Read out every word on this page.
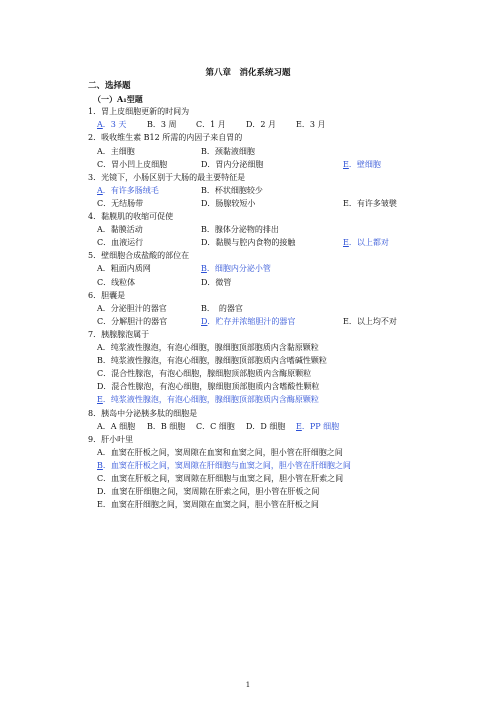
第八章　消化系统习题
二、选择题
（一）A₁型题
1．胃上皮细胞更新的时间为
A．3 天	B．3 周 C．1 月	D．2 月 E．3 月
2．吸收维生素 B12 所需的内因子来自胃的
A．主细胞	B．颈黏液细胞
C．胃小凹上皮细胞	D．胃内分泌细胞	E．壁细胞
3．光镜下，小肠区别于大肠的最主要特征是
A．有许多肠绒毛	B．杯状细胞较少
C．无结肠带	D．肠腺较短小	E．有许多皱襞
4．黏膜肌的收缩可促使
A．黏膜活动	B．腺体分泌物的排出
C．血液运行	D．黏膜与腔内食物的接触	E．以上都对
5．壁细胞合成盐酸的部位在
A．粗面内质网	B．细胞内分泌小管
C．线粒体	D．微管
6．胆囊是
A．分泌胆汁的器官	B．　的器官
C．分解胆汁的器官	D．贮存并浓缩胆汁的器官	E．以上均不对
7．胰腺腺泡属于
A．纯浆液性腺泡，有泡心细胞，腺细胞顶部胞质内含黏原颗粒
B．纯浆液性腺泡，有泡心细胞，腺细胞顶部胞质内含嗜碱性颗粒
C．混合性腺泡，有泡心细胞，腺细胞顶部胞质内含酶原颗粒
D．混合性腺泡，有泡心细胞，腺细胞顶部胞质内含嗜酸性颗粒
E．纯浆液性腺泡，有泡心细胞，腺细胞顶部胞质内含酶原颗粒
8．胰岛中分泌胰多肽的细胞是
A．A 细胞 B．B 细胞 C．C 细胞 D．D 细胞 E．PP 细胞
9．肝小叶里
A．血窦在肝板之间，窦周隙在血窦和血窦之间，胆小管在肝细胞之间
B．血窦在肝板之间，窦周隙在肝细胞与血窦之间，胆小管在肝细胞之间
C．血窦在肝板之间，窦周隙在肝细胞与血窦之间，胆小管在肝索之间
D．血窦在肝细胞之间，窦周隙在肝索之间，胆小管在肝板之间
E．血窦在肝细胞之间，窦周隙在血窦之间，胆小管在肝板之间
1
